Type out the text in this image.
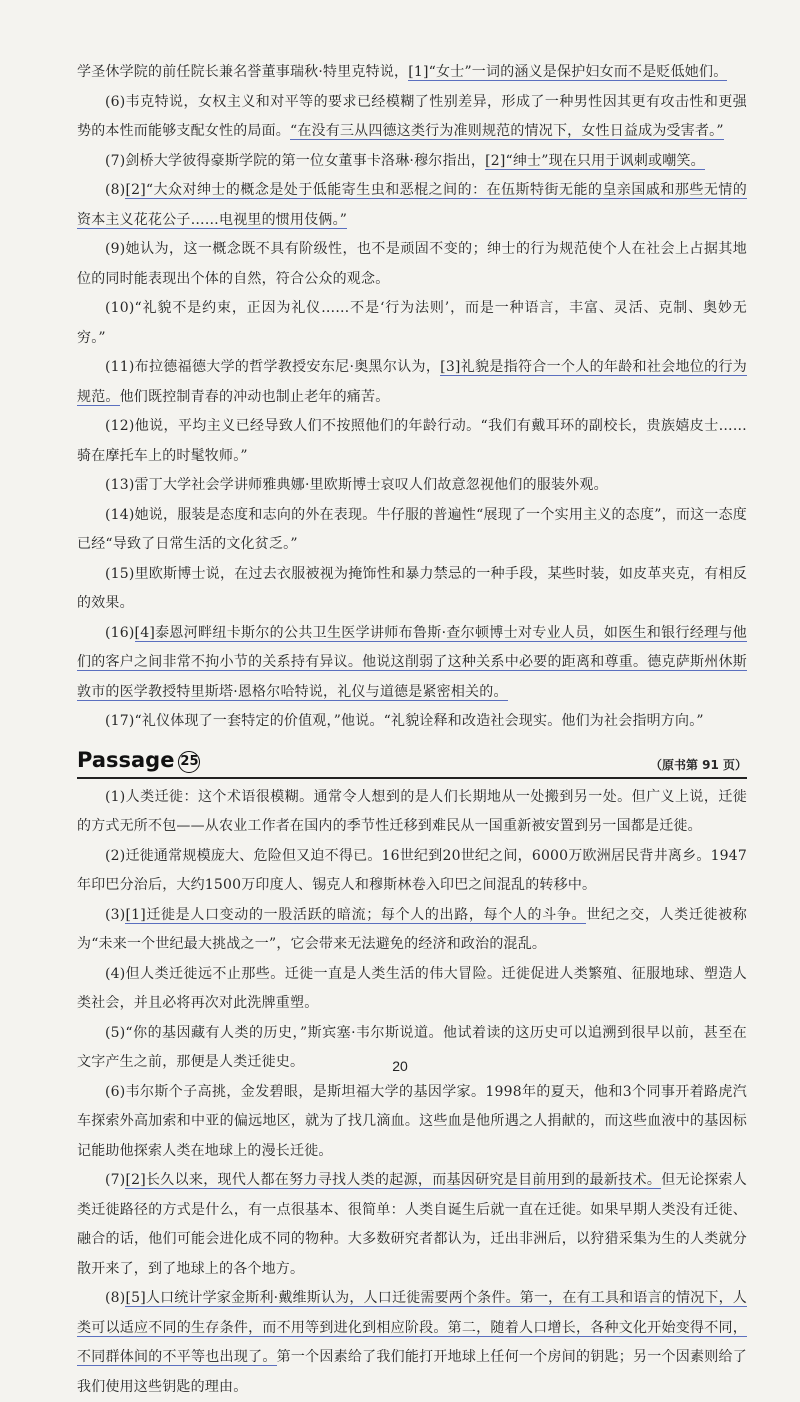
学圣休学院的前任院长兼名誉董事瑞秋·特里克特说，[1]“女士”一词的涵义是保护妇女而不是贬低她们。

(6)韦克特说，女权主义和对平等的要求已经模糊了性别差异，形成了一种男性因其更有攻击性和更强势的本性而能够支配女性的局面。“在没有三从四德这类行为准则规范的情况下，女性日益成为受害者。”

(7)剑桥大学彼得豪斯学院的第一位女董事卡洛琳·穆尔指出，[2]“绅士”现在只用于讽刺或嘲笑。

(8)[2]“大众对绅士的概念是处于低能寄生虫和恶棍之间的：在伍斯特街无能的皇亲国戚和那些无情的资本主义花花公子……电视里的惯用伎俩。”

(9)她认为，这一概念既不具有阶级性，也不是顽固不变的；绅士的行为规范使个人在社会上占据其地位的同时能表现出个体的自然，符合公众的观念。

(10)“礼貌不是约束，正因为礼仪……不是‘行为法则’，而是一种语言，丰富、灵活、克制、奥妙无穷。”

(11)布拉德福德大学的哲学教授安东尼·奥黑尔认为，[3]礼貌是指符合一个人的年龄和社会地位的行为规范。他们既控制青春的冲动也制止老年的痛苦。

(12)他说，平均主义已经导致人们不按照他们的年龄行动。“我们有戴耳环的副校长，贵族嬉皮士……骑在摩托车上的时髦牧师。”

(13)雷丁大学社会学讲师雅典娜·里欧斯博士哀叹人们故意忽视他们的服装外观。

(14)她说，服装是态度和志向的外在表现。牛仔服的普遍性“展现了一个实用主义的态度”，而这一态度已经“导致了日常生活的文化贫乏。”

(15)里欧斯博士说，在过去衣服被视为掩饰性和暴力禁忌的一种手段，某些时装，如皮革夹克，有相反的效果。

(16)[4]泰恩河畔纽卡斯尔的公共卫生医学讲师布鲁斯·查尔顿博士对专业人员，如医生和银行经理与他们的客户之间非常不拘小节的关系持有异议。他说这削弱了这种关系中必要的距离和尊重。德克萨斯州休斯敦市的医学教授特里斯塔·恩格尔哈特说，礼仪与道德是紧密相关的。

(17)“礼仪体现了一套特定的价值观，”他说。“礼貌诠释和改造社会现实。他们为社会指明方向。”

Passage 25	（原书第 91 页）

(1)人类迁徙：这个术语很模糊。通常令人想到的是人们长期地从一处搬到另一处。但广义上说，迁徙的方式无所不包——从农业工作者在国内的季节性迁移到难民从一国重新被安置到另一国都是迁徙。

(2)迁徙通常规模庞大、危险但又迫不得已。16世纪到20世纪之间，6000万欧洲居民背井离乡。1947年印巴分治后，大约1500万印度人、锡克人和穆斯林卷入印巴之间混乱的转移中。

(3)[1]迁徙是人口变动的一股活跃的暗流；每个人的出路，每个人的斗争。世纪之交，人类迁徙被称为“未来一个世纪最大挑战之一”，它会带来无法避免的经济和政治的混乱。

(4)但人类迁徙远不止那些。迁徙一直是人类生活的伟大冒险。迁徙促进人类繁殖、征服地球、塑造人类社会，并且必将再次对此洗牌重塑。

(5)“你的基因藏有人类的历史，”斯宾塞·韦尔斯说道。他试着读的这历史可以追溯到很早以前，甚至在文字产生之前，那便是人类迁徙史。

(6)韦尔斯个子高挑，金发碧眼，是斯坦福大学的基因学家。1998年的夏天，他和3个同事开着路虎汽车探索外高加索和中亚的偏远地区，就为了找几滴血。这些血是他所遇之人捐献的，而这些血液中的基因标记能助他探索人类在地球上的漫长迁徙。

(7)[2]长久以来，现代人都在努力寻找人类的起源，而基因研究是目前用到的最新技术。但无论探索人类迁徙路径的方式是什么，有一点很基本、很简单：人类自诞生后就一直在迁徙。如果早期人类没有迁徙、融合的话，他们可能会进化成不同的物种。大多数研究者都认为，迁出非洲后，以狩猎采集为生的人类就分散开来了，到了地球上的各个地方。

(8)[5]人口统计学家金斯利·戴维斯认为，人口迁徙需要两个条件。第一，在有工具和语言的情况下，人类可以适应不同的生存条件，而不用等到进化到相应阶段。第二，随着人口增长，各种文化开始变得不同，不同群体间的不平等也出现了。第一个因素给了我们能打开地球上任何一个房间的钥匙；另一个因素则给了我们使用这些钥匙的理由。

20
